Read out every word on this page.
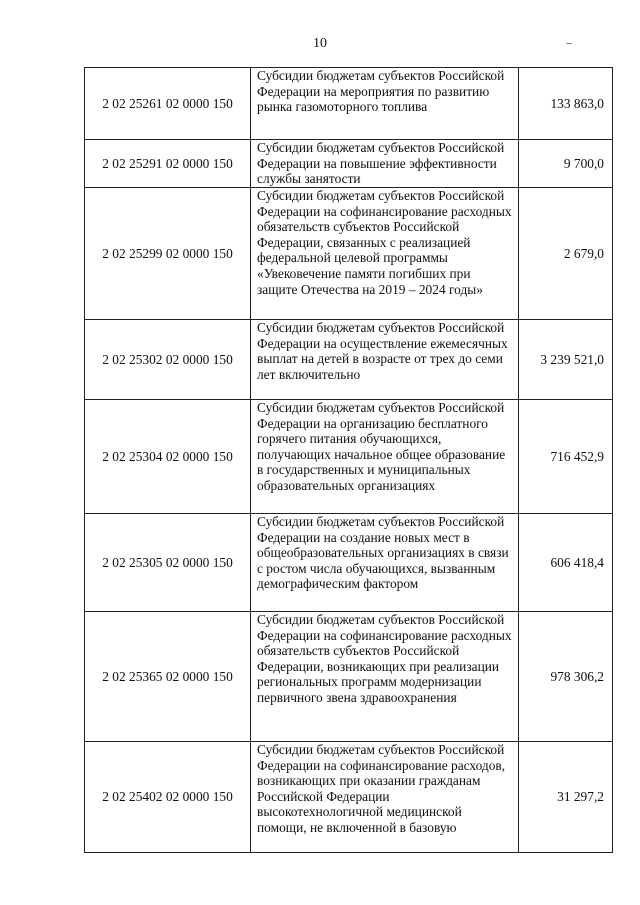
10
2 02 25261 02 0000 150	Субсидии бюджетам субъектов Российской Федерации на мероприятия по развитию рынка газомоторного топлива	133 863,0
2 02 25291 02 0000 150	Субсидии бюджетам субъектов Российской Федерации на повышение эффективности службы занятости	9 700,0
2 02 25299 02 0000 150	Субсидии бюджетам субъектов Российской Федерации на софинансирование расходных обязательств субъектов Российской Федерации, связанных с реализацией федеральной целевой программы «Увековечение памяти погибших при защите Отечества на 2019 – 2024 годы»	2 679,0
2 02 25302 02 0000 150	Субсидии бюджетам субъектов Российской Федерации на осуществление ежемесячных выплат на детей в возрасте от трех до семи лет включительно	3 239 521,0
2 02 25304 02 0000 150	Субсидии бюджетам субъектов Российской Федерации на организацию бесплатного горячего питания обучающихся, получающих начальное общее образование в государственных и муниципальных образовательных организациях	716 452,9
2 02 25305 02 0000 150	Субсидии бюджетам субъектов Российской Федерации на создание новых мест в общеобразовательных организациях в связи с ростом числа обучающихся, вызванным демографическим фактором	606 418,4
2 02 25365 02 0000 150	Субсидии бюджетам субъектов Российской Федерации на софинансирование расходных обязательств субъектов Российской Федерации, возникающих при реализации региональных программ модернизации первичного звена здравоохранения	978 306,2
2 02 25402 02 0000 150	Субсидии бюджетам субъектов Российской Федерации на софинансирование расходов, возникающих при оказании гражданам Российской Федерации высокотехнологичной медицинской помощи, не включенной в базовую	31 297,2
